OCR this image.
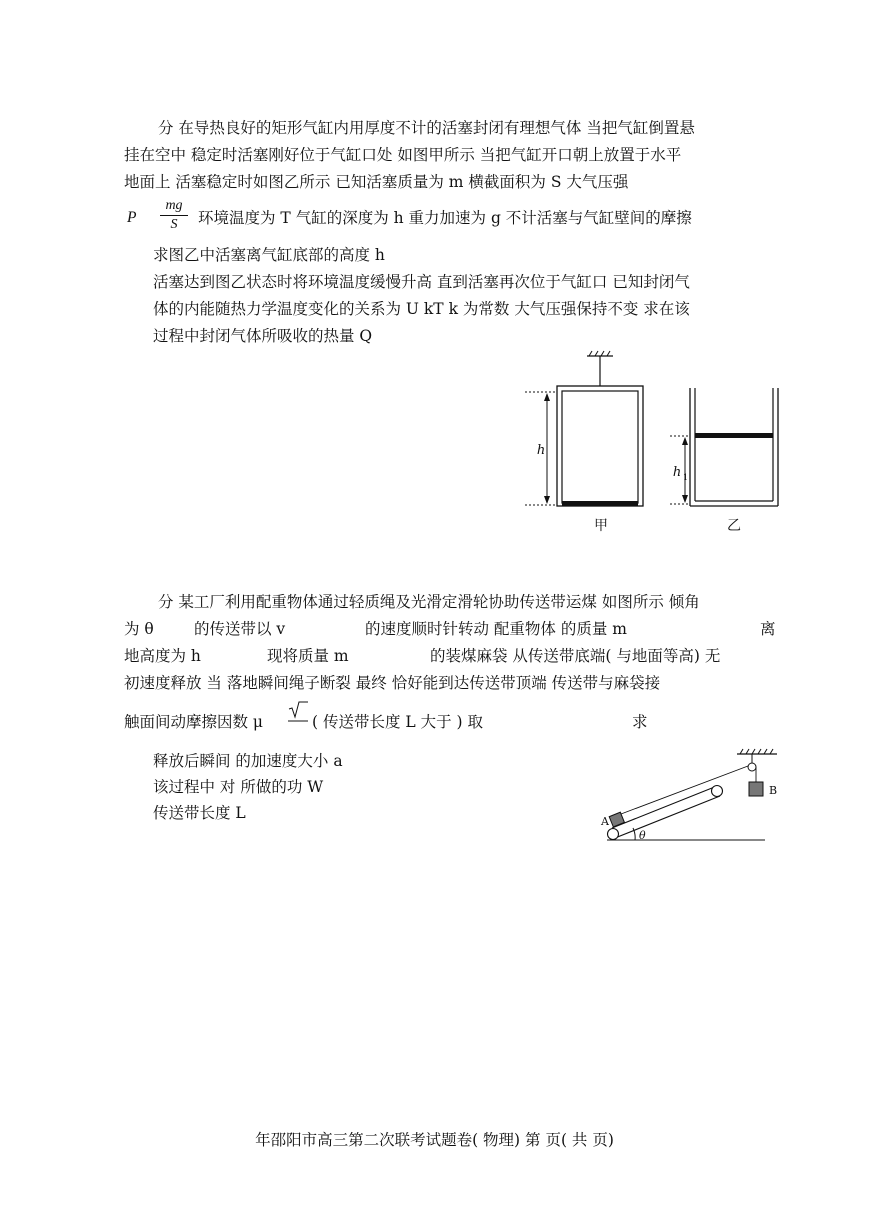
分 在导热良好的矩形气缸内用厚度不计的活塞封闭有理想气体 当把气缸倒置悬
挂在空中 稳定时活塞刚好位于气缸口处 如图甲所示 当把气缸开口朝上放置于水平
地面上 活塞稳定时如图乙所示 已知活塞质量为 m 横截面积为 S 大气压强
P
mg
S	环境温度为 T 气缸的深度为 h 重力加速为 g 不计活塞与气缸壁间的摩擦
求图乙中活塞离气缸底部的高度 h
活塞达到图乙状态时将环境温度缓慢升高 直到活塞再次位于气缸口 已知封闭气
体的内能随热力学温度变化的关系为 U kT k 为常数 大气压强保持不变 求在该
过程中封闭气体所吸收的热量 Q
h
甲
h 1
乙
分 某工厂利用配重物体通过轻质绳及光滑定滑轮协助传送带运煤 如图所示 倾角
为 θ	的传送带以 v	的速度顺时针转动 配重物体 的质量 m	离
地高度为 h	现将质量 m	的装煤麻袋 从传送带底端( 与地面等高) 无
初速度释放 当 落地瞬间绳子断裂 最终 恰好能到达传送带顶端 传送带与麻袋接
触面间动摩擦因数 μ	( 传送带长度 L 大于 ) 取	求
释放后瞬间 的加速度大小 a
该过程中 对 所做的功 W
传送带长度 L
θ
A
B
年邵阳市高三第二次联考试题卷( 物理) 第 页( 共 页)
